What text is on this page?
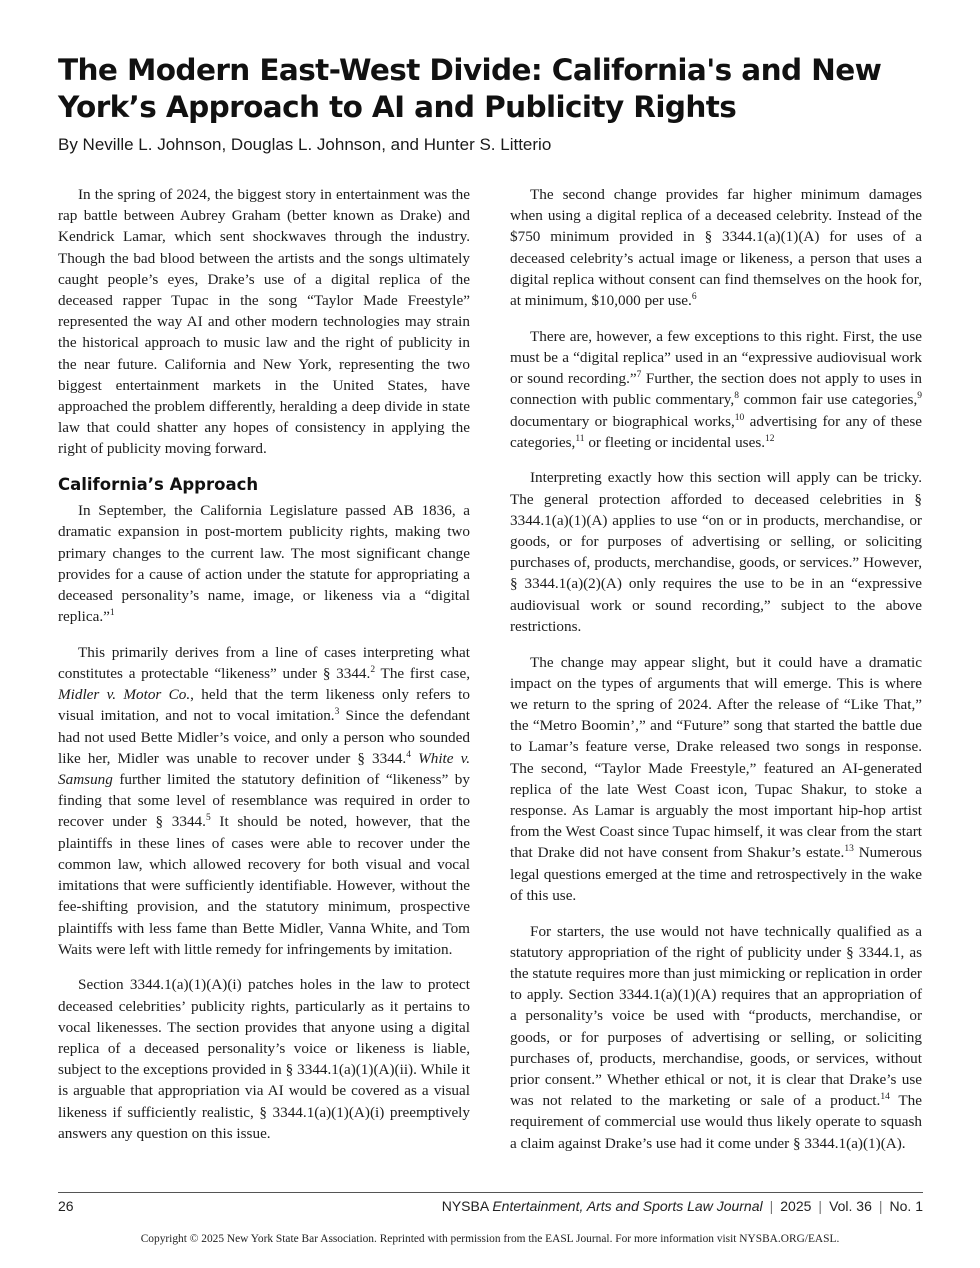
The Modern East-West Divide: California's and New York’s Approach to AI and Publicity Rights

By Neville L. Johnson, Douglas L. Johnson, and Hunter S. Litterio

In the spring of 2024, the biggest story in entertainment was the rap battle between Aubrey Graham (better known as Drake) and Kendrick Lamar, which sent shockwaves through the industry. Though the bad blood between the artists and the songs ultimately caught people’s eyes, Drake’s use of a digital replica of the deceased rapper Tupac in the song “Taylor Made Freestyle” represented the way AI and other modern technologies may strain the historical approach to music law and the right of publicity in the near future. California and New York, representing the two biggest entertainment markets in the United States, have approached the problem differently, heralding a deep divide in state law that could shatter any hopes of consistency in applying the right of publicity moving forward.

California’s Approach

In September, the California Legislature passed AB 1836, a dramatic expansion in post-mortem publicity rights, making two primary changes to the current law. The most significant change provides for a cause of action under the statute for appropriating a deceased personality’s name, image, or likeness via a “digital replica.”$^1$

This primarily derives from a line of cases interpreting what constitutes a protectable “likeness” under § 3344.$^2$ The first case, Midler v. Motor Co., held that the term likeness only refers to visual imitation, and not to vocal imitation.$^3$ Since the defendant had not used Bette Midler’s voice, and only a person who sounded like her, Midler was unable to recover under § 3344.$^4$ White v. Samsung further limited the statutory definition of “likeness” by finding that some level of resemblance was required in order to recover under § 3344.$^5$ It should be noted, however, that the plaintiffs in these lines of cases were able to recover under the common law, which allowed recovery for both visual and vocal imitations that were sufficiently identifiable. However, without the fee-shifting provision, and the statutory minimum, prospective plaintiffs with less fame than Bette Midler, Vanna White, and Tom Waits were left with little remedy for infringements by imitation.

Section 3344.1(a)(1)(A)(i) patches holes in the law to protect deceased celebrities’ publicity rights, particularly as it pertains to vocal likenesses. The section provides that anyone using a digital replica of a deceased personality’s voice or likeness is liable, subject to the exceptions provided in § 3344.1(a)(1)(A)(ii). While it is arguable that appropriation via AI would be covered as a visual likeness if sufficiently realistic, § 3344.1(a)(1)(A)(i) preemptively answers any question on this issue.

The second change provides far higher minimum damages when using a digital replica of a deceased celebrity. Instead of the $750 minimum provided in § 3344.1(a)(1)(A) for uses of a deceased celebrity’s actual image or likeness, a person that uses a digital replica without consent can find themselves on the hook for, at minimum, $10,000 per use.$^6$

There are, however, a few exceptions to this right. First, the use must be a “digital replica” used in an “expressive audiovisual work or sound recording.”$^7$ Further, the section does not apply to uses in connection with public commentary,$^8$ common fair use categories,$^9$ documentary or biographical works,$^{10}$ advertising for any of these categories,$^{11}$ or fleeting or incidental uses.$^{12}$

Interpreting exactly how this section will apply can be tricky. The general protection afforded to deceased celebrities in § 3344.1(a)(1)(A) applies to use “on or in products, merchandise, or goods, or for purposes of advertising or selling, or soliciting purchases of, products, merchandise, goods, or services.” However, § 3344.1(a)(2)(A) only requires the use to be in an “expressive audiovisual work or sound recording,” subject to the above restrictions.

The change may appear slight, but it could have a dramatic impact on the types of arguments that will emerge. This is where we return to the spring of 2024. After the release of “Like That,” the “Metro Boomin’,” and “Future” song that started the battle due to Lamar’s feature verse, Drake released two songs in response. The second, “Taylor Made Freestyle,” featured an AI-generated replica of the late West Coast icon, Tupac Shakur, to stoke a response. As Lamar is arguably the most important hip-hop artist from the West Coast since Tupac himself, it was clear from the start that Drake did not have consent from Shakur’s estate.$^{13}$ Numerous legal questions emerged at the time and retrospectively in the wake of this use.

For starters, the use would not have technically qualified as a statutory appropriation of the right of publicity under § 3344.1, as the statute requires more than just mimicking or replication in order to apply. Section 3344.1(a)(1)(A) requires that an appropriation of a personality’s voice be used with “products, merchandise, or goods, or for purposes of advertising or selling, or soliciting purchases of, products, merchandise, goods, or services, without prior consent.” Whether ethical or not, it is clear that Drake’s use was not related to the marketing or sale of a product.$^{14}$ The requirement of commercial use would thus likely operate to squash a claim against Drake’s use had it come under § 3344.1(a)(1)(A).

26	NYSBA Entertainment, Arts and Sports Law Journal | 2025 | Vol. 36 | No. 1
Copyright © 2025 New York State Bar Association. Reprinted with permission from the EASL Journal. For more information visit NYSBA.ORG/EASL.
